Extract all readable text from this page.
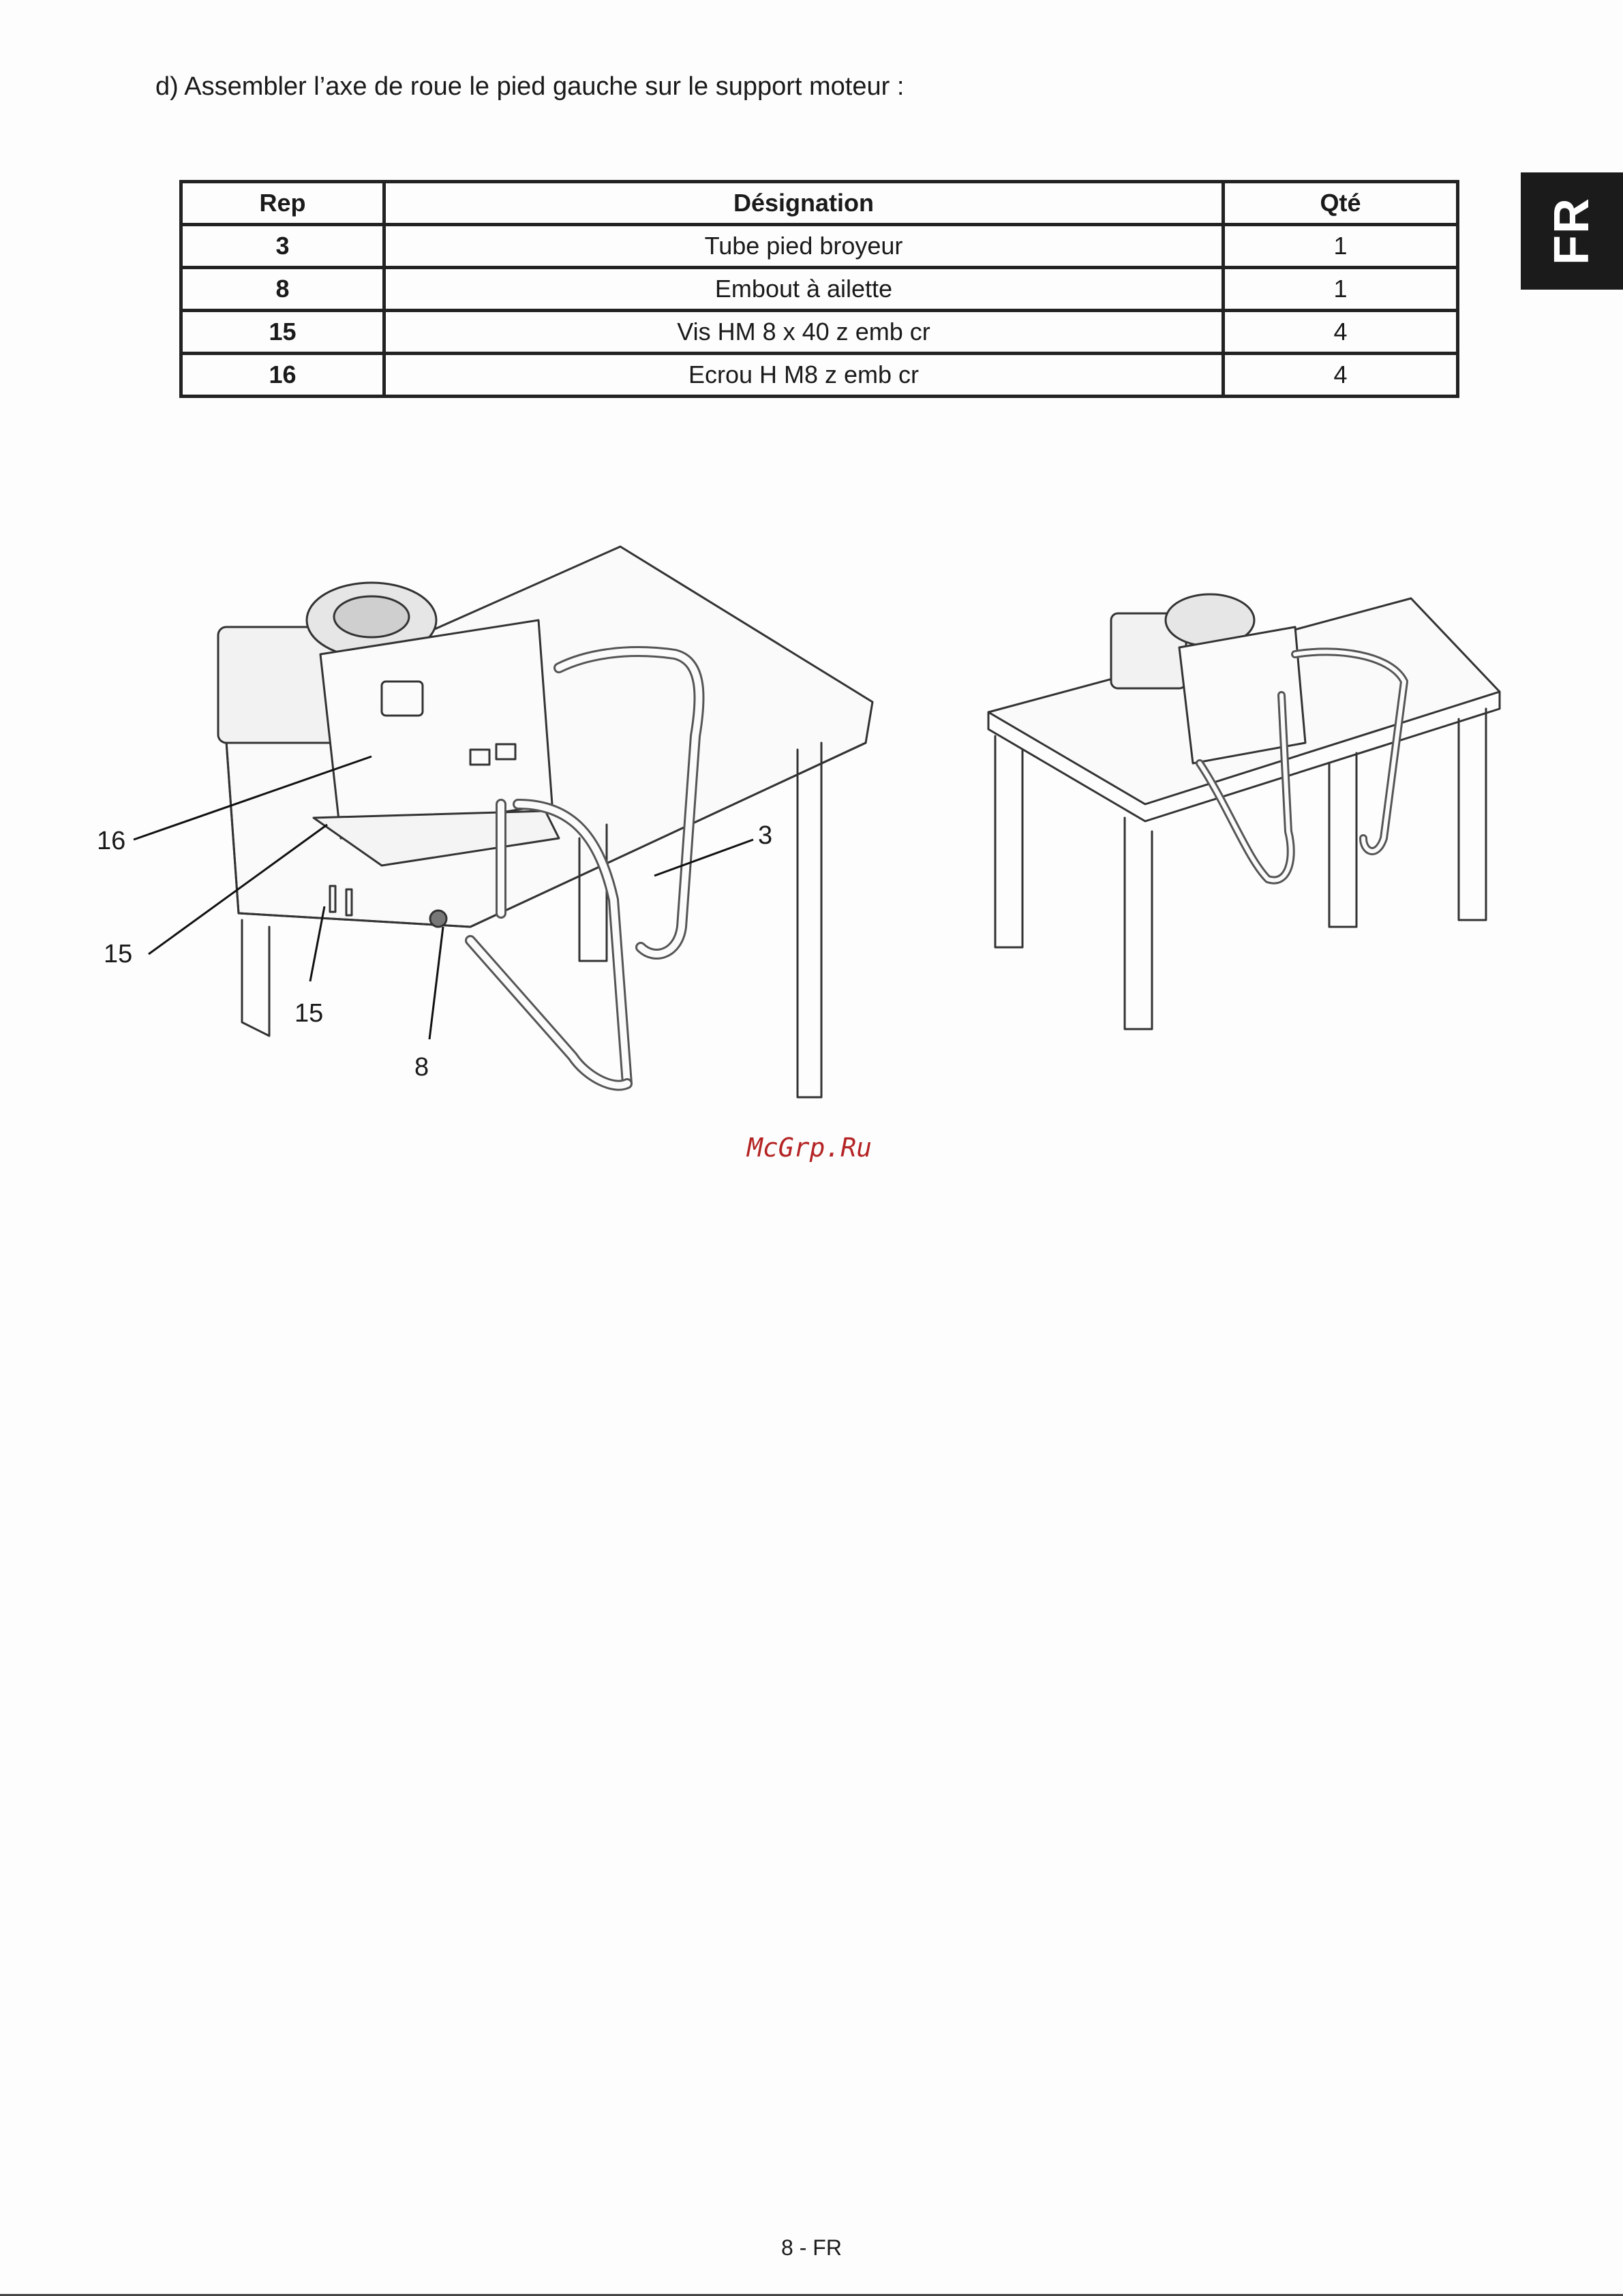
d) Assembler l’axe de roue le pied gauche sur le support moteur :

FR
Rep	Désignation	Qté
3	Tube pied broyeur	1
8	Embout à ailette	1
15	Vis HM 8 x 40 z emb cr	4
16	Ecrou H M8 z emb cr	4
16
15
15
8
3
McGrp.Ru
8 - FR
